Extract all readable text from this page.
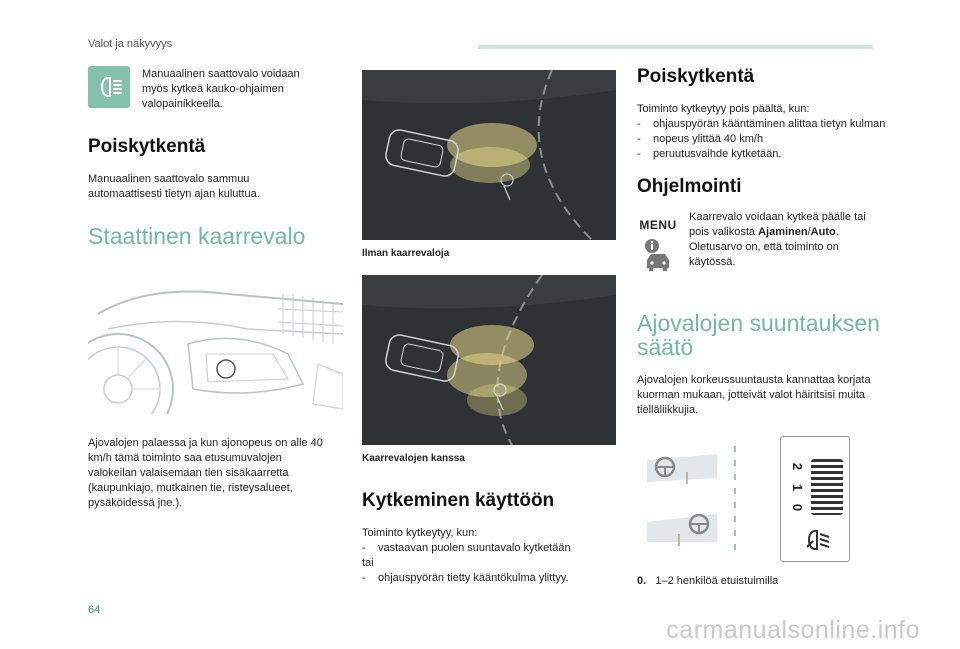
Valot ja näkyvyys

Manuaalinen saattovalo voidaan myös kytkeä kauko-ohjaimen valopainikkeella.

Poiskytkentä

Manuaalinen saattovalo sammuu automaattisesti tietyn ajan kuluttua.

Staattinen kaarrevalo

Ajovalojen palaessa ja kun ajonopeus on alle 40 km/h tämä toiminto saa etusumuvalojen valokeilan valaisemaan tien sisäkaarretta (kaupunkiajo, mutkainen tie, risteysalueet, pysäköidessä jne.).

Ilman kaarrevaloja
Kaarrevalojen kanssa
Kytkeminen käyttöön

Toiminto kytkeytyy, kun:

- vastaavan puolen suuntavalo kytketään

tai

- ohjauspyörän tietty kääntökulma ylittyy.
Poiskytkentä

Toiminto kytkeytyy pois päältä, kun:

- ohjauspyörän kääntäminen alittaa tietyn kulman
- nopeus ylittää 40 km/h
- peruutusvaihde kytketään.
Ohjelmointi
MENU

Kaarrevalo voidaan kytkeä päälle tai pois valikosta Ajaminen/Auto. Oletusarvo on, että toiminto on käytössä.

Ajovalojen suuntauksen
säätö

Ajovalojen korkeussuuntausta kannattaa korjata kuorman mukaan, jotteivät valot häiritsisi muita tielläliikkujia.

2
1
0

0. 1–2 henkilöä etuistuimilla

64
carmanualsonline.info
